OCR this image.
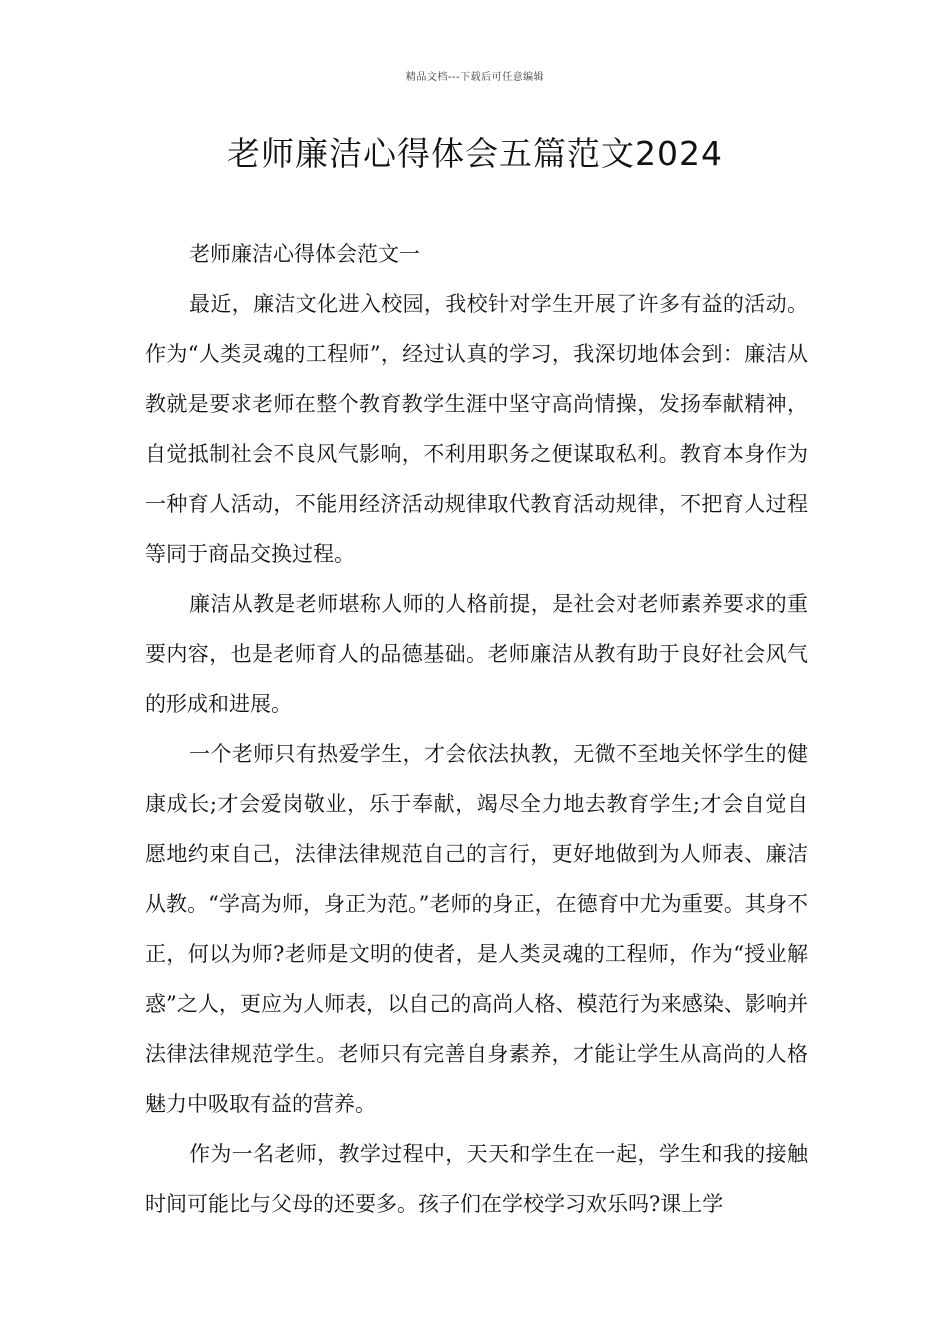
精品文档---下载后可任意编辑
老师廉洁心得体会五篇范文2024

老师廉洁心得体会范文一

最近，廉洁文化进入校园，我校针对学生开展了许多有益的活动。作为“人类灵魂的工程师”，经过认真的学习，我深切地体会到：廉洁从教就是要求老师在整个教育教学生涯中坚守高尚情操，发扬奉献精神，自觉抵制社会不良风气影响，不利用职务之便谋取私利。教育本身作为一种育人活动，不能用经济活动规律取代教育活动规律，不把育人过程等同于商品交换过程。

廉洁从教是老师堪称人师的人格前提，是社会对老师素养要求的重要内容，也是老师育人的品德基础。老师廉洁从教有助于良好社会风气的形成和进展。

一个老师只有热爱学生，才会依法执教，无微不至地关怀学生的健康成长;才会爱岗敬业，乐于奉献，竭尽全力地去教育学生;才会自觉自愿地约束自己，法律法律规范自己的言行，更好地做到为人师表、廉洁从教。“学高为师，身正为范。”老师的身正，在德育中尤为重要。其身不正，何以为师?老师是文明的使者，是人类灵魂的工程师，作为“授业解惑”之人，更应为人师表，以自己的高尚人格、模范行为来感染、影响并法律法律规范学生。老师只有完善自身素养，才能让学生从高尚的人格魅力中吸取有益的营养。

作为一名老师，教学过程中，天天和学生在一起，学生和我的接触时间可能比与父母的还要多。孩子们在学校学习欢乐吗?课上学
